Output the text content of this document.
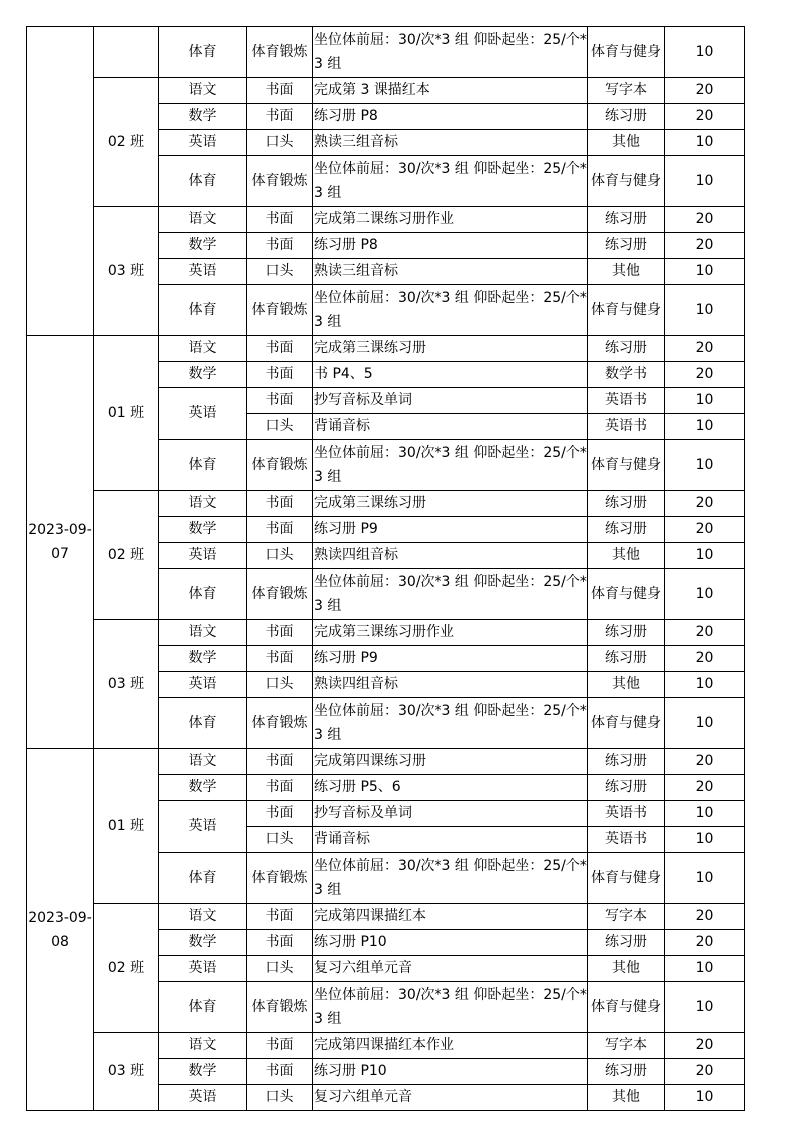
		体育	体育锻炼	坐位体前屈：30/次*3 组 仰卧起坐：25/个*3 组	体育与健身	10
	02 班	语文	书面	完成第 3 课描红本	写字本	20
		数学	书面	练习册 P8	练习册	20
		英语	口头	熟读三组音标	其他	10
		体育	体育锻炼	坐位体前屈：30/次*3 组 仰卧起坐：25/个*3 组	体育与健身	10
	03 班	语文	书面	完成第二课练习册作业	练习册	20
		数学	书面	练习册 P8	练习册	20
		英语	口头	熟读三组音标	其他	10
		体育	体育锻炼	坐位体前屈：30/次*3 组 仰卧起坐：25/个*3 组	体育与健身	10
2023-09-07	01 班	语文	书面	完成第三课练习册	练习册	20
		数学	书面	书 P4、5	数学书	20
		英语	书面	抄写音标及单词	英语书	10
			口头	背诵音标	英语书	10
		体育	体育锻炼	坐位体前屈：30/次*3 组 仰卧起坐：25/个*3 组	体育与健身	10
	02 班	语文	书面	完成第三课练习册	练习册	20
		数学	书面	练习册 P9	练习册	20
		英语	口头	熟读四组音标	其他	10
		体育	体育锻炼	坐位体前屈：30/次*3 组 仰卧起坐：25/个*3 组	体育与健身	10
	03 班	语文	书面	完成第三课练习册作业	练习册	20
		数学	书面	练习册 P9	练习册	20
		英语	口头	熟读四组音标	其他	10
		体育	体育锻炼	坐位体前屈：30/次*3 组 仰卧起坐：25/个*3 组	体育与健身	10
2023-09-08	01 班	语文	书面	完成第四课练习册	练习册	20
		数学	书面	练习册 P5、6	练习册	20
		英语	书面	抄写音标及单词	英语书	10
			口头	背诵音标	英语书	10
		体育	体育锻炼	坐位体前屈：30/次*3 组 仰卧起坐：25/个*3 组	体育与健身	10
	02 班	语文	书面	完成第四课描红本	写字本	20
		数学	书面	练习册 P10	练习册	20
		英语	口头	复习六组单元音	其他	10
		体育	体育锻炼	坐位体前屈：30/次*3 组 仰卧起坐：25/个*3 组	体育与健身	10
	03 班	语文	书面	完成第四课描红本作业	写字本	20
		数学	书面	练习册 P10	练习册	20
		英语	口头	复习六组单元音	其他	10
